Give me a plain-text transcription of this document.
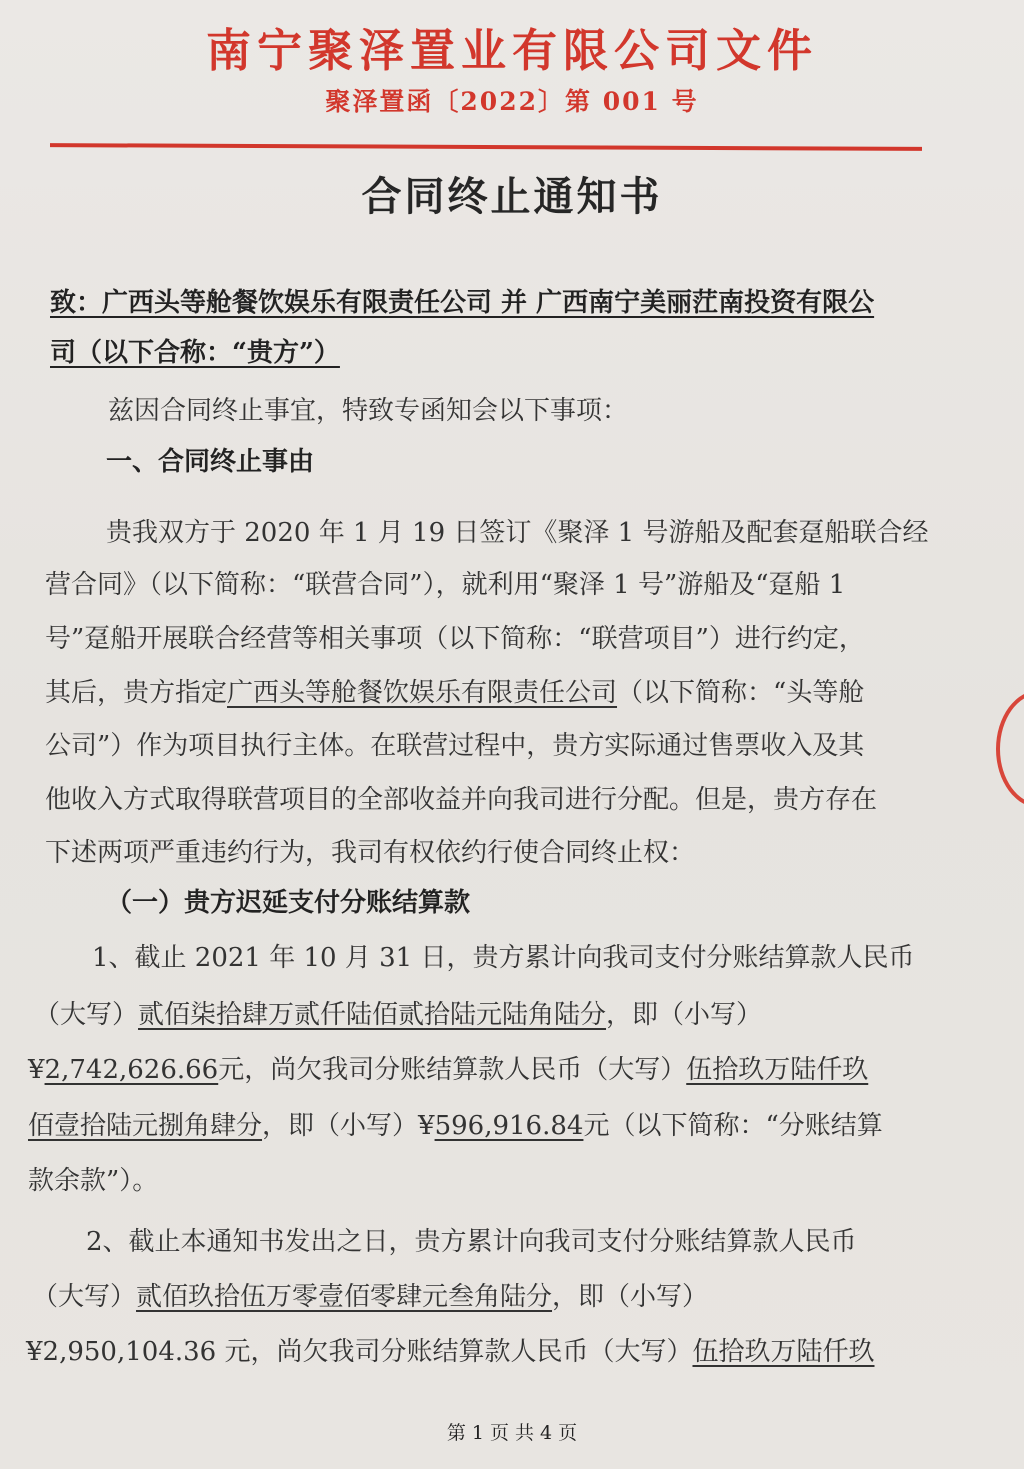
南宁聚泽置业有限公司文件
聚泽置函〔2022〕第 001 号
合同终止通知书
致：广西头等舱餐饮娱乐有限责任公司 并 广西南宁美丽茳南投资有限公
司（以下合称：“贵方”）
兹因合同终止事宜，特致专函知会以下事项：
一、合同终止事由
贵我双方于 2020 年 1 月 19 日签订《聚泽 1 号游船及配套趸船联合经
营合同》（以下简称：“联营合同”），就利用“聚泽 1 号”游船及“趸船 1
号”趸船开展联合经营等相关事项（以下简称：“联营项目”）进行约定，
其后，贵方指定广西头等舱餐饮娱乐有限责任公司（以下简称：“头等舱
公司”）作为项目执行主体。在联营过程中，贵方实际通过售票收入及其
他收入方式取得联营项目的全部收益并向我司进行分配。但是，贵方存在
下述两项严重违约行为，我司有权依约行使合同终止权：
（一）贵方迟延支付分账结算款
1、截止 2021 年 10 月 31 日，贵方累计向我司支付分账结算款人民币
（大写）贰佰柒拾肆万贰仟陆佰贰拾陆元陆角陆分，即（小写）
¥2,742,626.66元，尚欠我司分账结算款人民币（大写）伍拾玖万陆仟玖
佰壹拾陆元捌角肆分，即（小写）¥596,916.84元（以下简称：“分账结算
款余款”）。
2、截止本通知书发出之日，贵方累计向我司支付分账结算款人民币
（大写）贰佰玖拾伍万零壹佰零肆元叁角陆分，即（小写）
¥2,950,104.36 元，尚欠我司分账结算款人民币（大写）伍拾玖万陆仟玖
第 1 页 共 4 页
